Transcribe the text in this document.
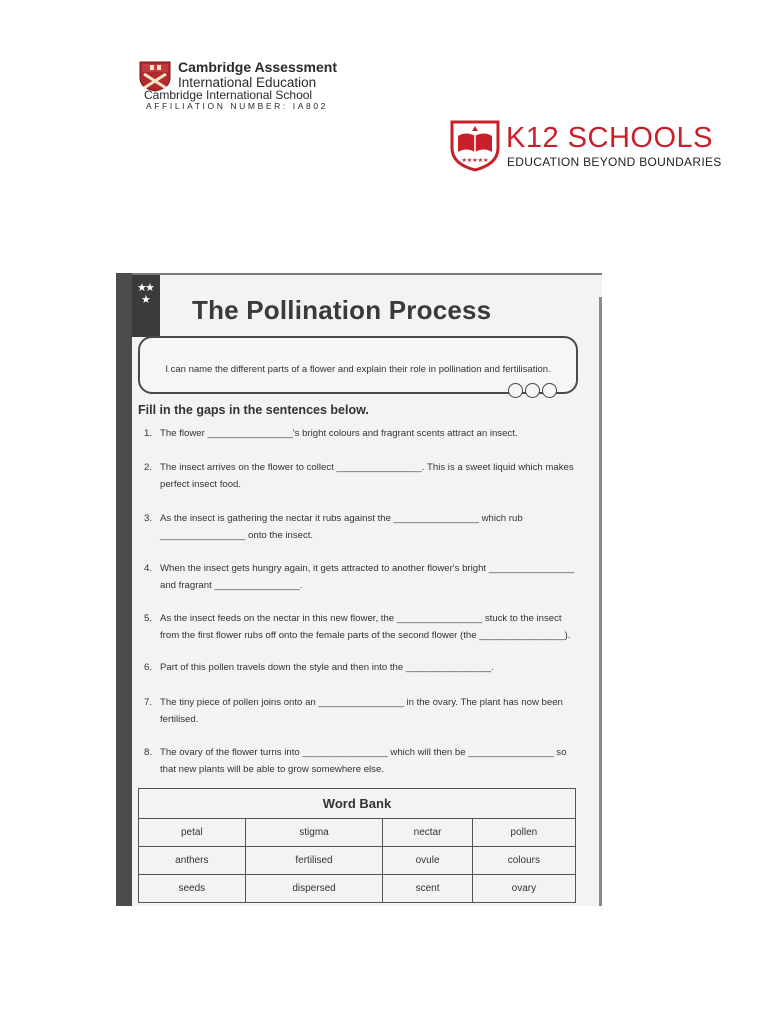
Cambridge Assessment
International Education
Cambridge International School
AFFILIATION NUMBER: IA802
★★★★★
K12 SCHOOLS
EDUCATION BEYOND BOUNDARIES
★
★
★ The Pollination Process
I can name the different parts of a flower and explain their role in pollination and fertilisation.
Fill in the gaps in the sentences below.
1. The flower ________________'s bright colours and fragrant scents attract an insect.
2. The insect arrives on the flower to collect ________________. This is a sweet liquid which makes perfect insect food.
3. As the insect is gathering the nectar it rubs against the ________________ which rub ________________ onto the insect.
4. When the insect gets hungry again, it gets attracted to another flower's bright ________________ and fragrant ________________.
5. As the insect feeds on the nectar in this new flower, the ________________ stuck to the insect from the first flower rubs off onto the female parts of the second flower (the ________________).
6. Part of this pollen travels down the style and then into the ________________.
7. The tiny piece of pollen joins onto an ________________ in the ovary. The plant has now been fertilised.
8. The ovary of the flower turns into ________________ which will then be ________________ so that new plants will be able to grow somewhere else.
Word Bank			
petal	stigma	nectar	pollen
anthers	fertilised	ovule	colours
seeds	dispersed	scent	ovary
